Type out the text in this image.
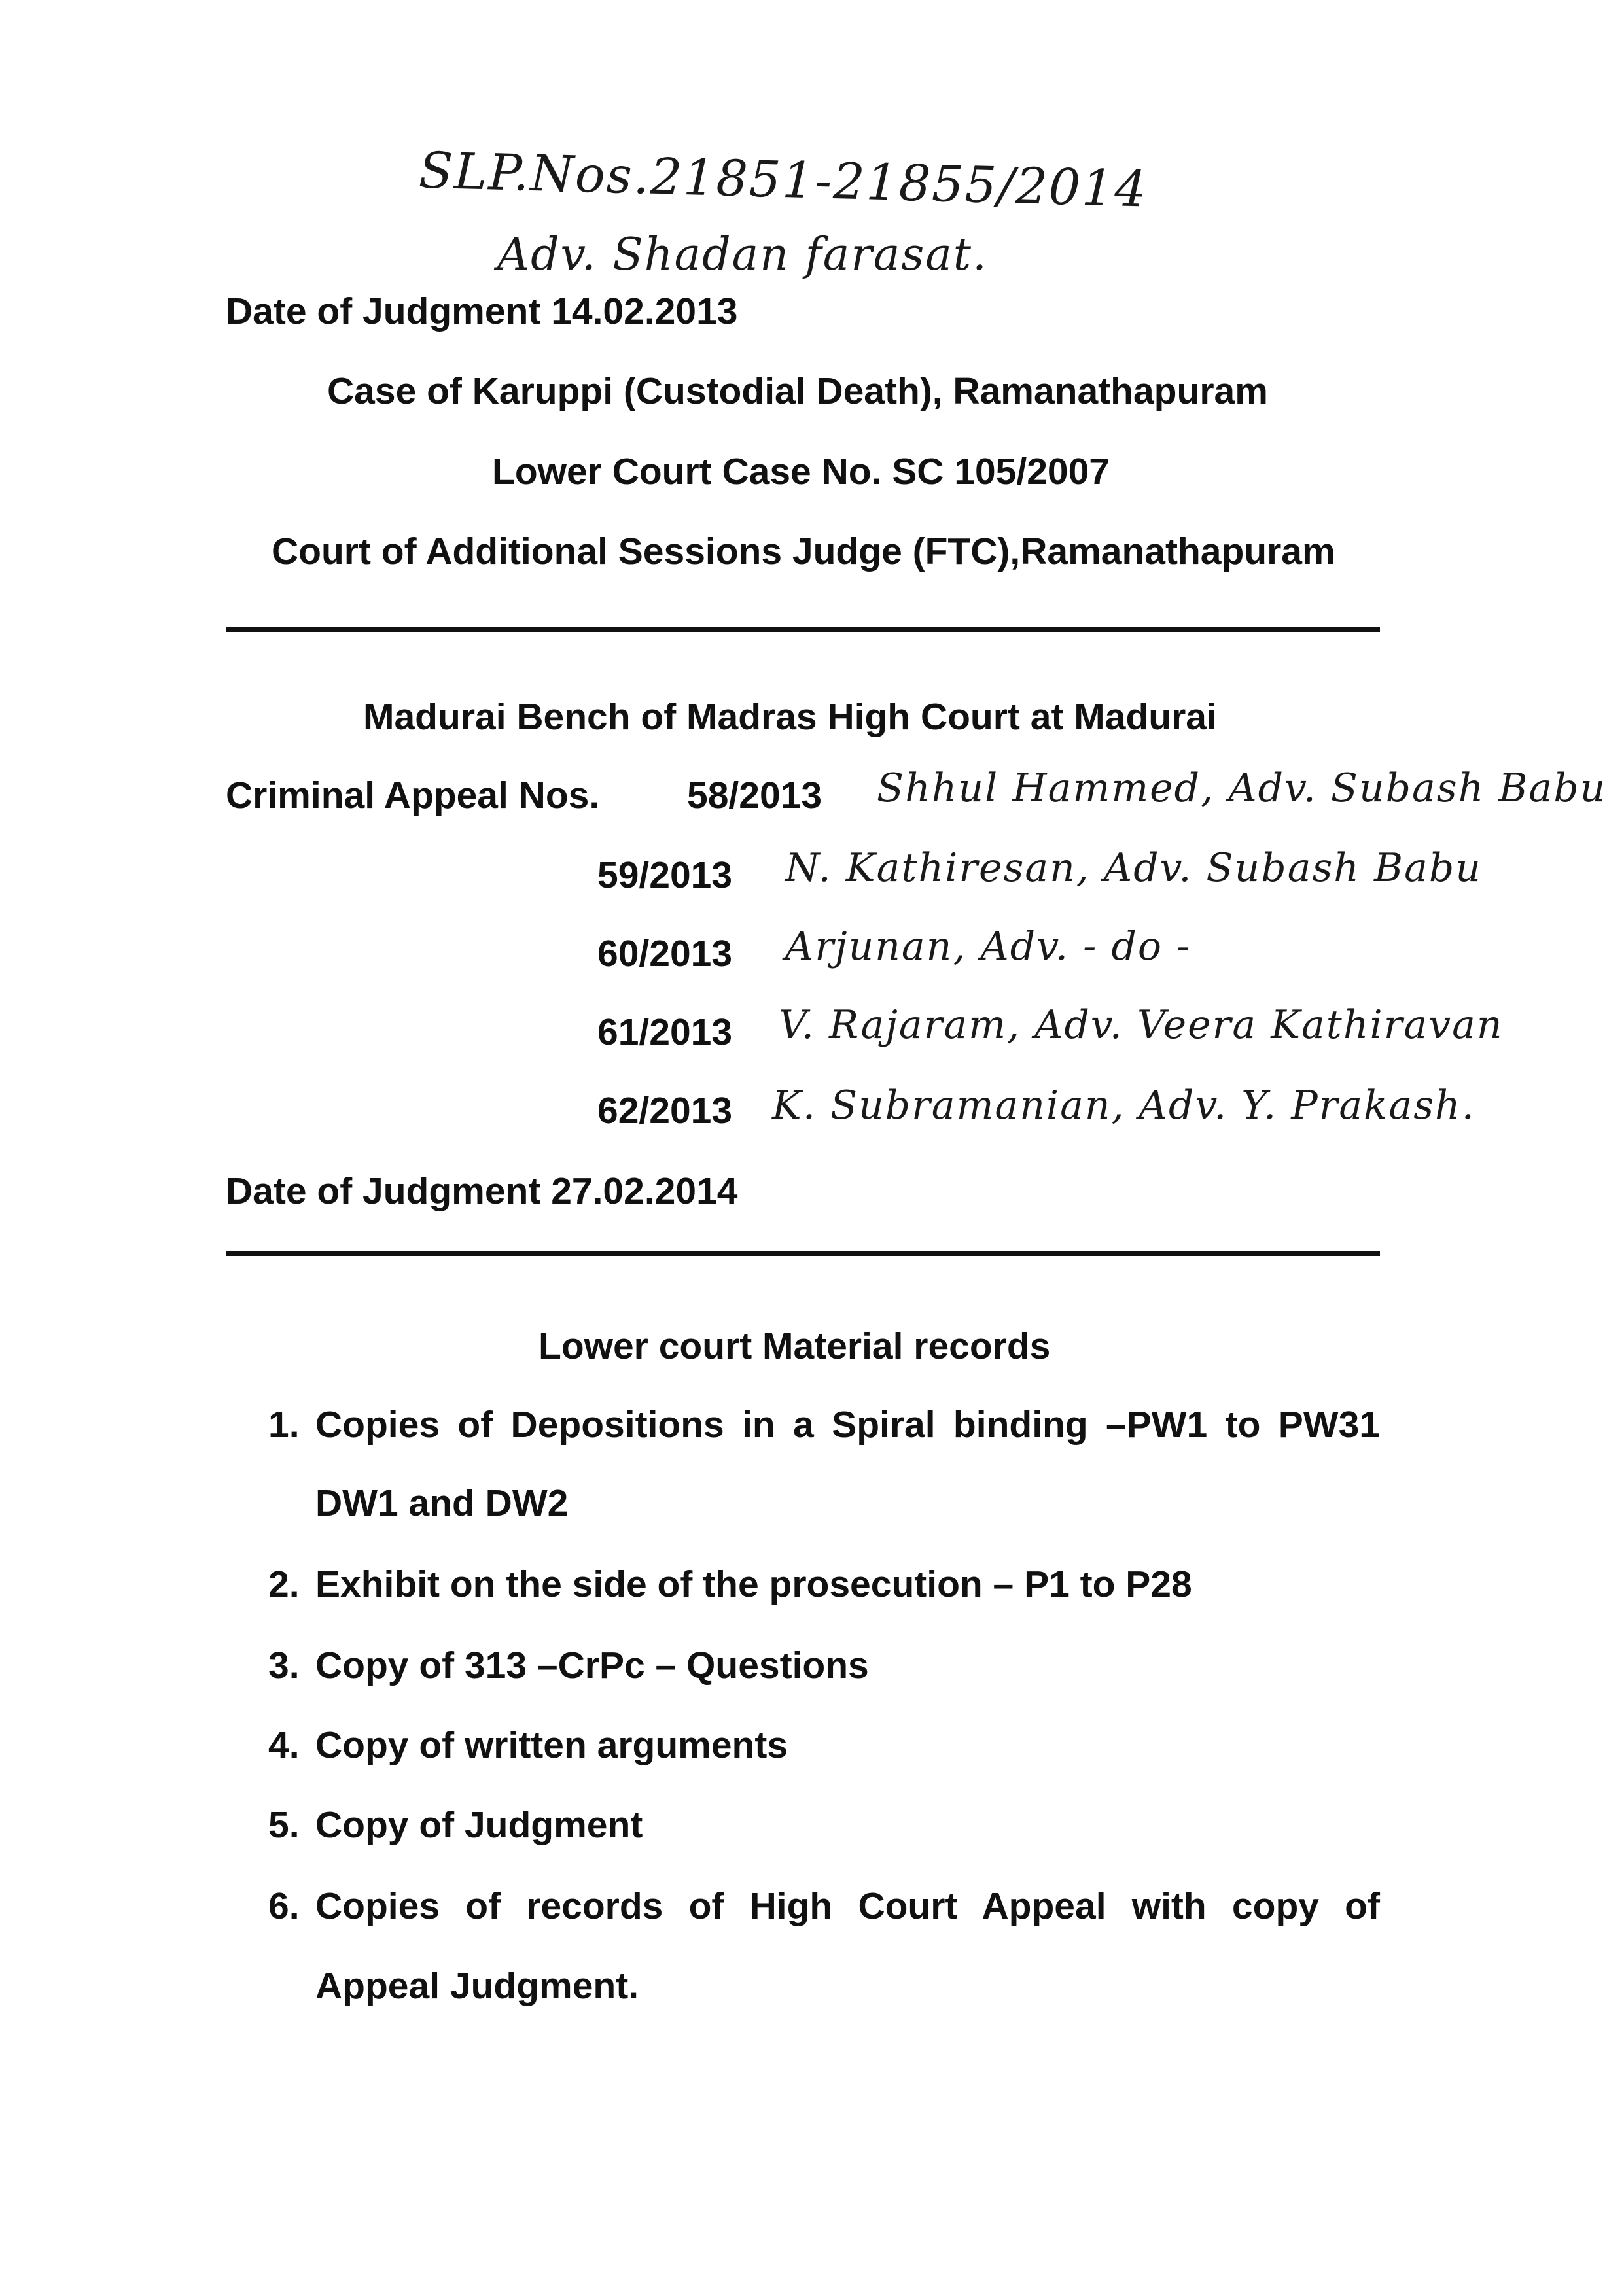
SLP.Nos.21851-21855/2014
Adv. Shadan farasat.
Date of Judgment 14.02.2013
Case of Karuppi (Custodial Death), Ramanathapuram
Lower Court Case No. SC 105/2007
Court of Additional Sessions Judge (FTC),Ramanathapuram
Madurai Bench of Madras High Court at Madurai
Criminal Appeal Nos. 58/2013 Shhul Hammed, Adv. Subash Babu
59/2013 N. Kathiresan, Adv. Subash Babu
60/2013 Arjunan, Adv. - do -
61/2013 V. Rajaram, Adv. Veera Kathiravan
62/2013 K. Subramanian, Adv. Y. Prakash.
Date of Judgment 27.02.2014
Lower court Material records
1. Copies of Depositions in a Spiral binding –PW1 to PW31
DW1 and DW2
2. Exhibit on the side of the prosecution – P1 to P28
3. Copy of 313 –CrPc – Questions
4. Copy of written arguments
5. Copy of Judgment
6. Copies of records of High Court Appeal with copy of
Appeal Judgment.
